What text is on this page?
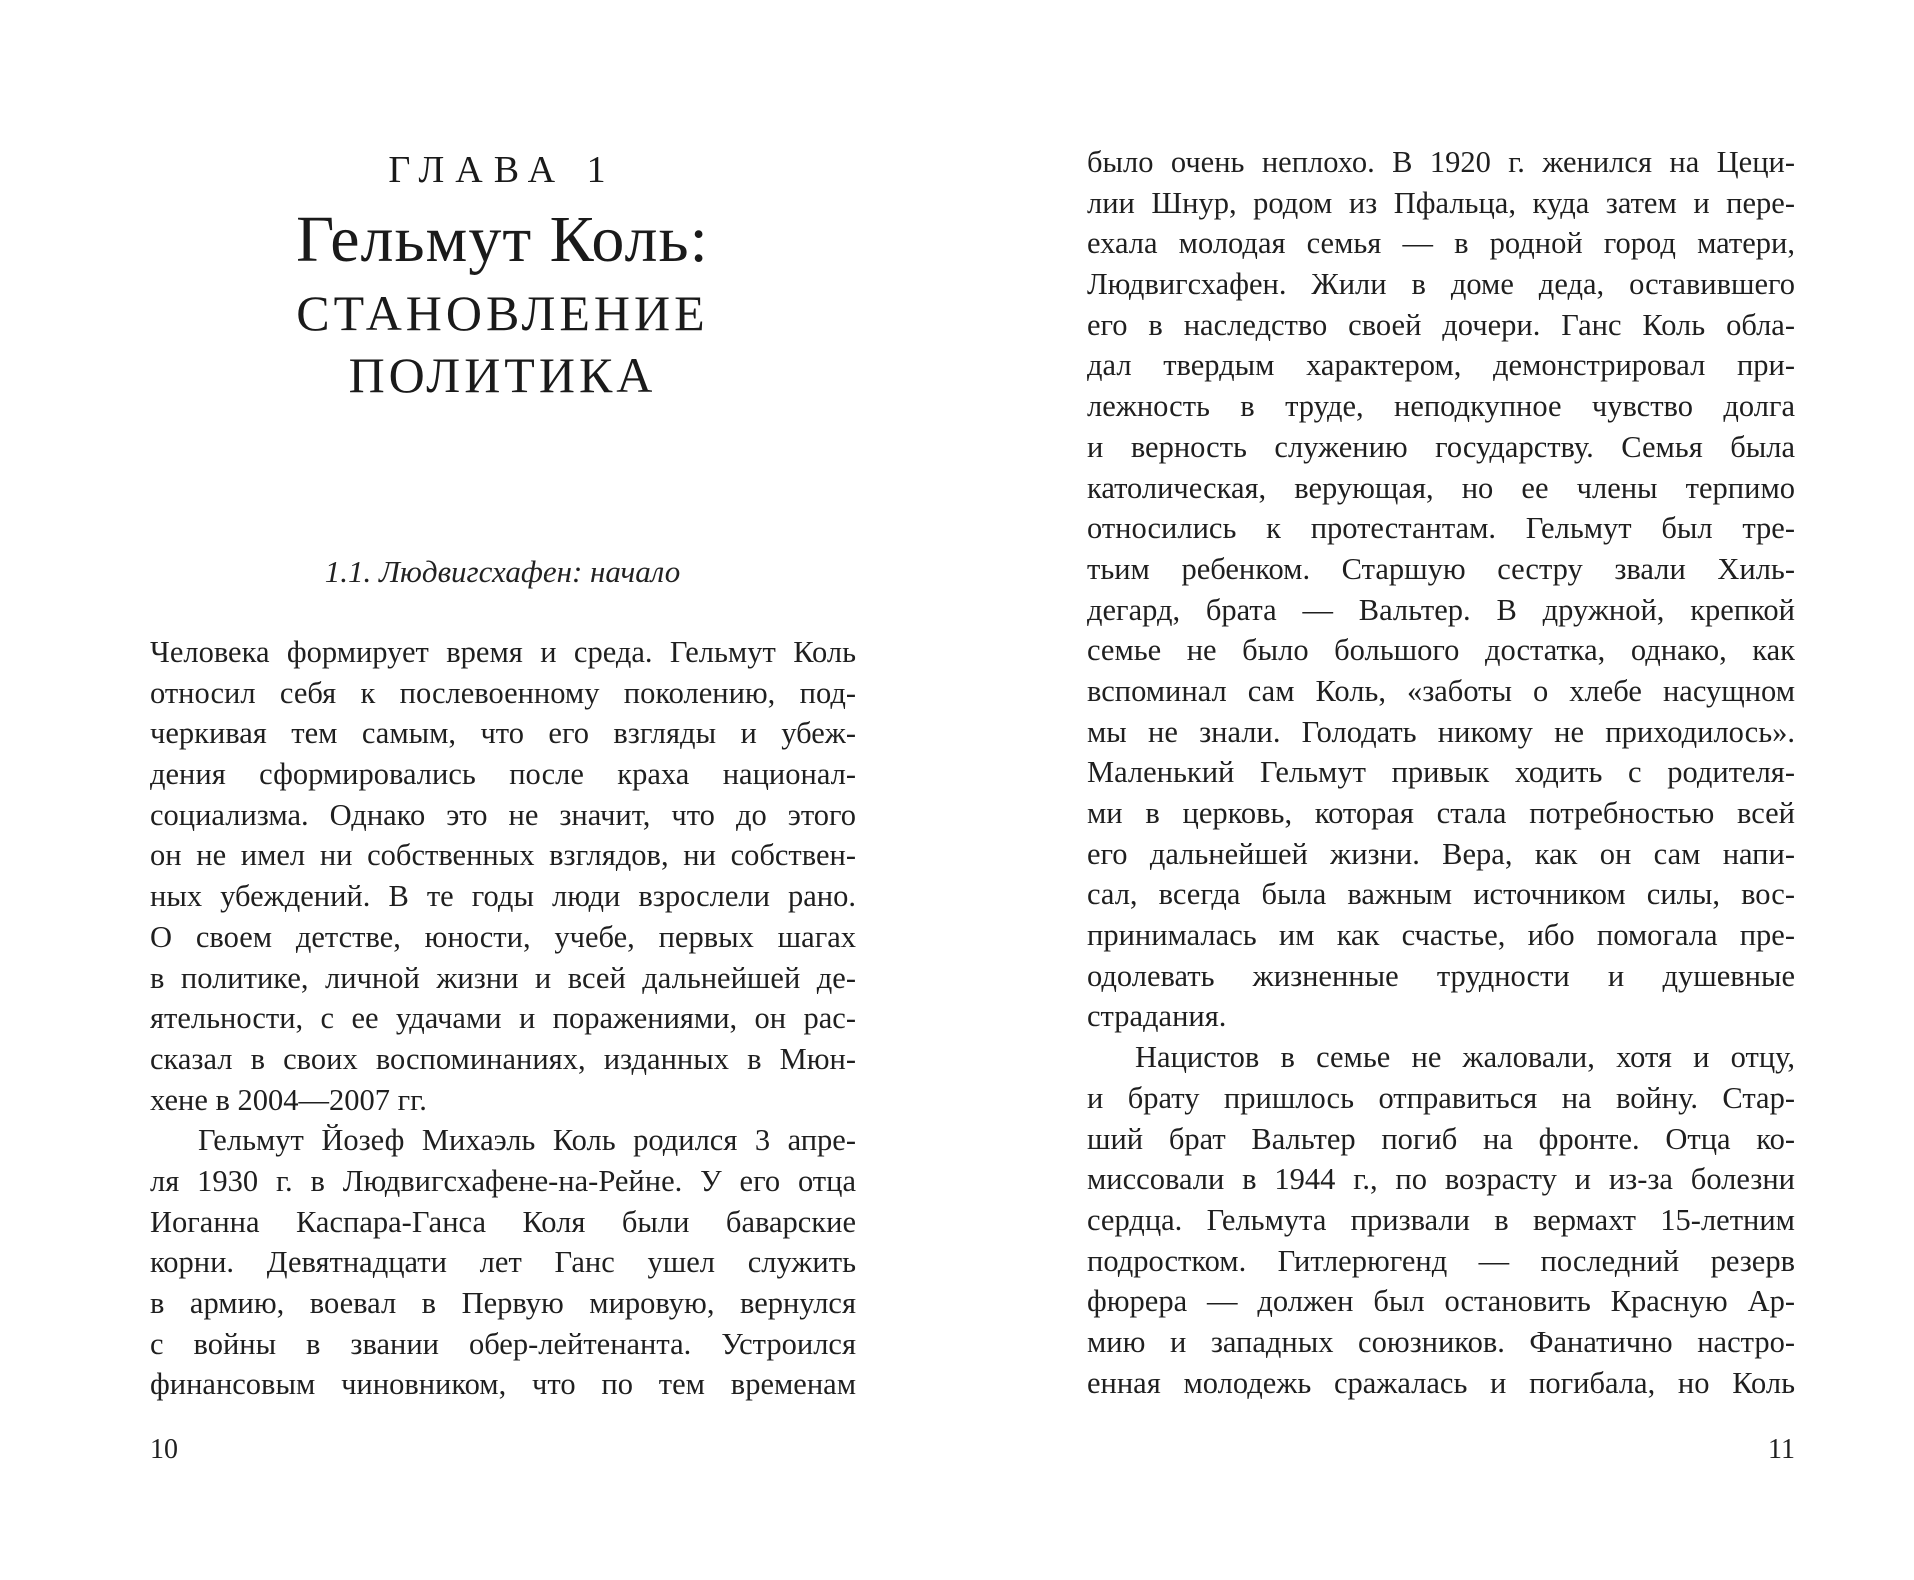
ГЛАВА 1
Гельмут Коль:
СТАНОВЛЕНИЕ
ПОЛИТИКА
1.1. Людвигсхафен: начало
Человека формирует время и среда. Гельмут Коль
относил себя к послевоенному поколению, под-
черкивая тем самым, что его взгляды и убеж-
дения сформировались после краха национал-
социализма. Однако это не значит, что до этого
он не имел ни собственных взглядов, ни собствен-
ных убеждений. В те годы люди взрослели рано.
О своем детстве, юности, учебе, первых шагах
в политике, личной жизни и всей дальнейшей де-
ятельности, с ее удачами и поражениями, он рас-
сказал в своих воспоминаниях, изданных в Мюн-
хене в 2004—2007 гг.
Гельмут Йозеф Михаэль Коль родился 3 апре-
ля 1930 г. в Людвигсхафене-на-Рейне. У его отца
Иоганна Каспара-Ганса Коля были баварские
корни. Девятнадцати лет Ганс ушел служить
в армию, воевал в Первую мировую, вернулся
с войны в звании обер-лейтенанта. Устроился
финансовым чиновником, что по тем временам
10
было очень неплохо. В 1920 г. женился на Цеци-
лии Шнур, родом из Пфальца, куда затем и пере-
ехала молодая семья — в родной город матери,
Людвигсхафен. Жили в доме деда, оставившего
его в наследство своей дочери. Ганс Коль обла-
дал твердым характером, демонстрировал при-
лежность в труде, неподкупное чувство долга
и верность служению государству. Семья была
католическая, верующая, но ее члены терпимо
относились к протестантам. Гельмут был тре-
тьим ребенком. Старшую сестру звали Хиль-
дегард, брата — Вальтер. В дружной, крепкой
семье не было большого достатка, однако, как
вспоминал сам Коль, «заботы о хлебе насущном
мы не знали. Голодать никому не приходилось».
Маленький Гельмут привык ходить с родителя-
ми в церковь, которая стала потребностью всей
его дальнейшей жизни. Вера, как он сам напи-
сал, всегда была важным источником силы, вос-
принималась им как счастье, ибо помогала пре-
одолевать жизненные трудности и душевные
страдания.
Нацистов в семье не жаловали, хотя и отцу,
и брату пришлось отправиться на войну. Стар-
ший брат Вальтер погиб на фронте. Отца ко-
миссовали в 1944 г., по возрасту и из-за болезни
сердца. Гельмута призвали в вермахт 15-летним
подростком. Гитлерюгенд — последний резерв
фюрера — должен был остановить Красную Ар-
мию и западных союзников. Фанатично настро-
енная молодежь сражалась и погибала, но Коль
11
